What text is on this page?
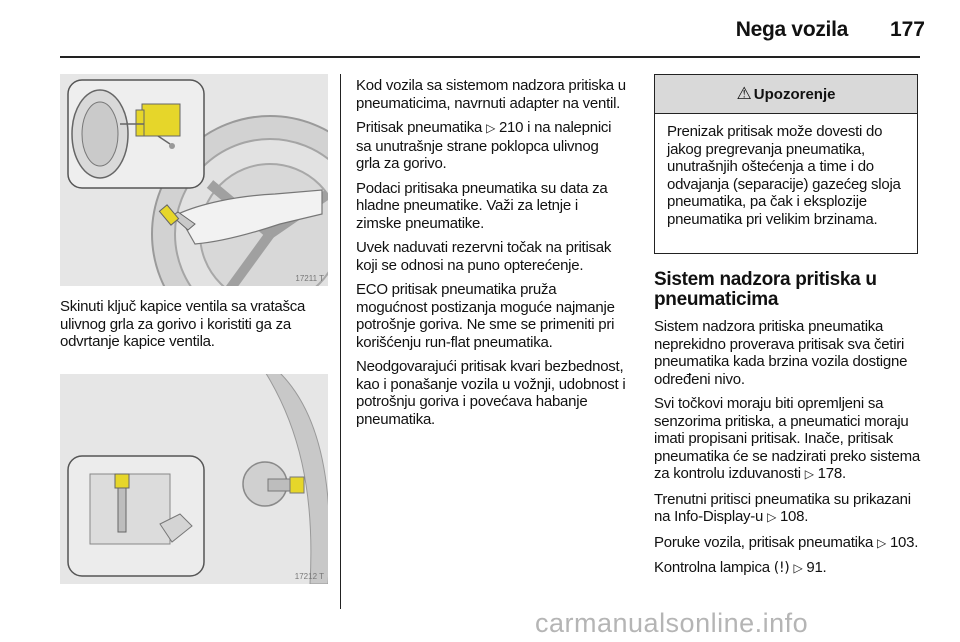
Nega vozila	177
17211 T
Skinuti ključ kapice ventila sa vratašca ulivnog grla za gorivo i koristiti ga za odvrtanje kapice ventila.
17212 T

Kod vozila sa sistemom nadzora pritiska u pneumaticima, navrnuti adapter na ventil.

Pritisak pneumatika ▷ 210 i na nalepnici sa unutrašnje strane poklopca ulivnog grla za gorivo.

Podaci pritisaka pneumatika su data za hladne pneumatike. Važi za letnje i zimske pneumatike.

Uvek naduvati rezervni točak na pritisak koji se odnosi na puno opterećenje.

ECO pritisak pneumatika pruža mogućnost postizanja moguće najmanje potrošnje goriva. Ne sme se primeniti pri korišćenju run-flat pneumatika.

Neodgovarajući pritisak kvari bezbednost, kao i ponašanje vozila u vožnji, udobnost i potrošnju goriva i povećava habanje pneumatika.

⚠ Upozorenje
Prenizak pritisak može dovesti do jakog pregrevanja pneumatika, unutrašnjih oštećenja a time i do odvajanja (separacije) gazećeg sloja pneumatika, pa čak i eksplozije pneumatika pri velikim brzinama.
Sistem nadzora pritiska u pneumaticima

Sistem nadzora pritiska pneumatika neprekidno proverava pritisak sva četiri pneumatika kada brzina vozila dostigne određeni nivo.

Svi točkovi moraju biti opremljeni sa senzorima pritiska, a pneumatici moraju imati propisani pritisak. Inače, pritisak pneumatika će se nadzirati preko sistema za kontrolu izduvanosti ▷ 178.

Trenutni pritisci pneumatika su prikazani na Info-Display-u ▷ 108.

Poruke vozila, pritisak pneumatika ▷ 103.

Kontrolna lampica (!) ▷ 91.

carmanualsonline.info
